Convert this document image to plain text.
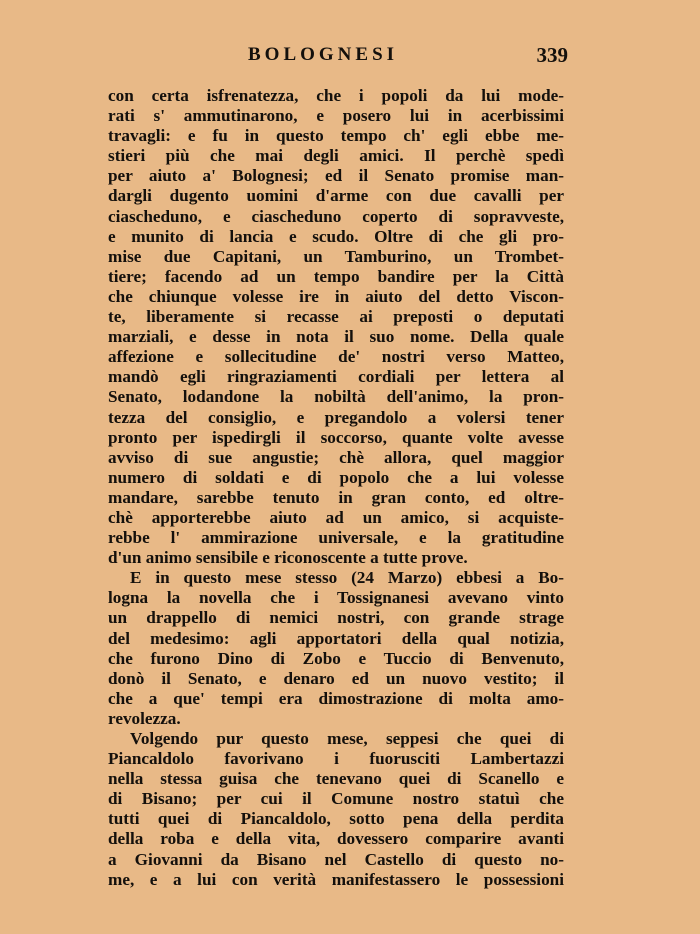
BOLOGNESI	339
con certa isfrenatezza, che i popoli da lui mode-
rati s' ammutinarono, e posero lui in acerbissimi
travagli: e fu in questo tempo ch' egli ebbe me-
stieri più che mai degli amici. Il perchè spedì
per aiuto a' Bolognesi; ed il Senato promise man-
dargli dugento uomini d'arme con due cavalli per
ciascheduno, e ciascheduno coperto di sopravveste,
e munito di lancia e scudo. Oltre di che gli pro-
mise due Capitani, un Tamburino, un Trombet-
tiere; facendo ad un tempo bandire per la Città
che chiunque volesse ire in aiuto del detto Viscon-
te, liberamente si recasse ai preposti o deputati
marziali, e desse in nota il suo nome. Della quale
affezione e sollecitudine de' nostri verso Matteo,
mandò egli ringraziamenti cordiali per lettera al
Senato, lodandone la nobiltà dell'animo, la pron-
tezza del consiglio, e pregandolo a volersi tener
pronto per ispedirgli il soccorso, quante volte avesse
avviso di sue angustie; chè allora, quel maggior
numero di soldati e di popolo che a lui volesse
mandare, sarebbe tenuto in gran conto, ed oltre-
chè apporterebbe aiuto ad un amico, si acquiste-
rebbe l' ammirazione universale, e la gratitudine
d'un animo sensibile e riconoscente a tutte prove.
E in questo mese stesso (24 Marzo) ebbesi a Bo-
logna la novella che i Tossignanesi avevano vinto
un drappello di nemici nostri, con grande strage
del medesimo: agli apportatori della qual notizia,
che furono Dino di Zobo e Tuccio di Benvenuto,
donò il Senato, e denaro ed un nuovo vestito; il
che a que' tempi era dimostrazione di molta amo-
revolezza.
Volgendo pur questo mese, seppesi che quei di
Piancaldolo favorivano i fuorusciti Lambertazzi
nella stessa guisa che tenevano quei di Scanello e
di Bisano; per cui il Comune nostro statuì che
tutti quei di Piancaldolo, sotto pena della perdita
della roba e della vita, dovessero comparire avanti
a Giovanni da Bisano nel Castello di questo no-
me, e a lui con verità manifestassero le possessioni
